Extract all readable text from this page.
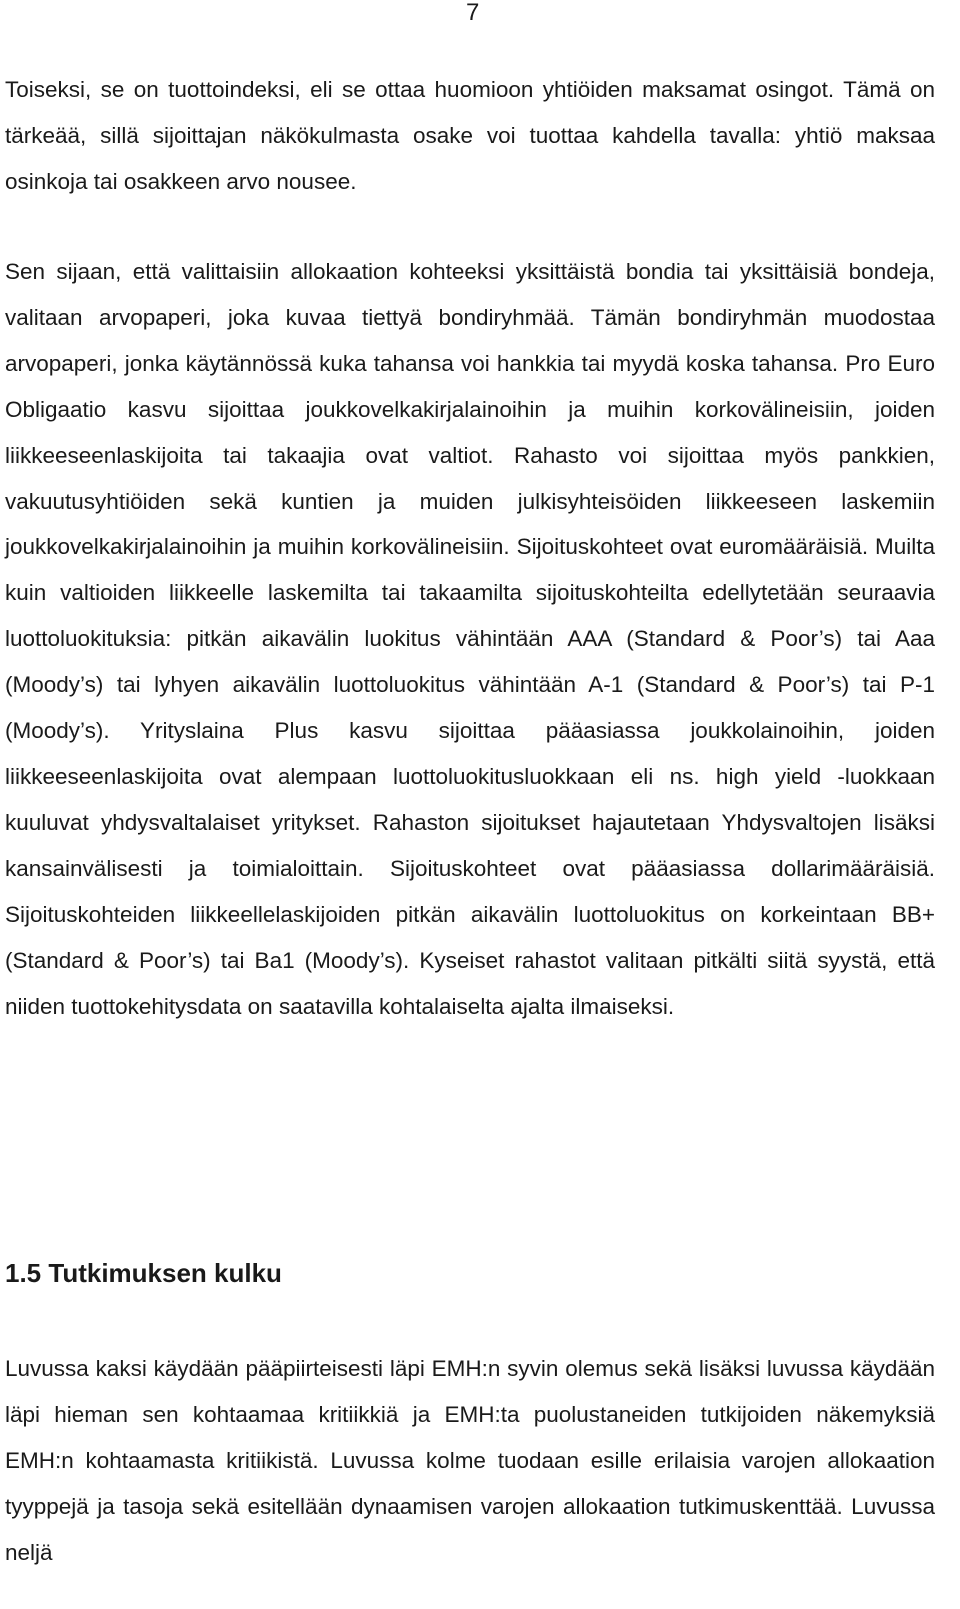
7

Toiseksi, se on tuottoindeksi, eli se ottaa huomioon yhtiöiden maksamat osingot. Tämä on tärkeää, sillä sijoittajan näkökulmasta osake voi tuottaa kahdella tavalla: yhtiö maksaa osinkoja tai osakkeen arvo nousee.

Sen sijaan, että valittaisiin allokaation kohteeksi yksittäistä bondia tai yksittäisiä bondeja, valitaan arvopaperi, joka kuvaa tiettyä bondiryhmää. Tämän bondiryhmän muodostaa arvopaperi, jonka käytännössä kuka tahansa voi hankkia tai myydä koska tahansa. Pro Euro Obligaatio kasvu sijoittaa joukkovelkakirjalainoihin ja muihin korkovälineisiin, joiden liikkeeseenlaskijoita tai takaajia ovat valtiot. Rahasto voi sijoittaa myös pankkien, vakuutusyhtiöiden sekä kuntien ja muiden julkisyhteisöiden liikkeeseen laskemiin joukkovelkakirjalainoihin ja muihin korkovälineisiin. Sijoituskohteet ovat euromääräisiä. Muilta kuin valtioiden liikkeelle laskemilta tai takaamilta sijoituskohteilta edellytetään seuraavia luottoluokituksia: pitkän aikavälin luokitus vähintään AAA (Standard & Poor’s) tai Aaa (Moody’s) tai lyhyen aikavälin luottoluokitus vähintään A-1 (Standard & Poor’s) tai P-1 (Moody’s). Yrityslaina Plus kasvu sijoittaa pääasiassa joukkolainoihin, joiden liikkeeseenlaskijoita ovat alempaan luottoluokitusluokkaan eli ns. high yield -luokkaan kuuluvat yhdysvaltalaiset yritykset. Rahaston sijoitukset hajautetaan Yhdysvaltojen lisäksi kansainvälisesti ja toimialoittain. Sijoituskohteet ovat pääasiassa dollarimääräisiä. Sijoituskohteiden liikkeellelaskijoiden pitkän aikavälin luottoluokitus on korkeintaan BB+ (Standard & Poor’s) tai Ba1 (Moody’s). Kyseiset rahastot valitaan pitkälti siitä syystä, että niiden tuottokehitysdata on saatavilla kohtalaiselta ajalta ilmaiseksi.

1.5 Tutkimuksen kulku

Luvussa kaksi käydään pääpiirteisesti läpi EMH:n syvin olemus sekä lisäksi luvussa käydään läpi hieman sen kohtaamaa kritiikkiä ja EMH:ta puolustaneiden tutkijoiden näkemyksiä EMH:n kohtaamasta kritiikistä. Luvussa kolme tuodaan esille erilaisia varojen allokaation tyyppejä ja tasoja sekä esitellään dynaamisen varojen allokaation tutkimuskenttää. Luvussa neljä
